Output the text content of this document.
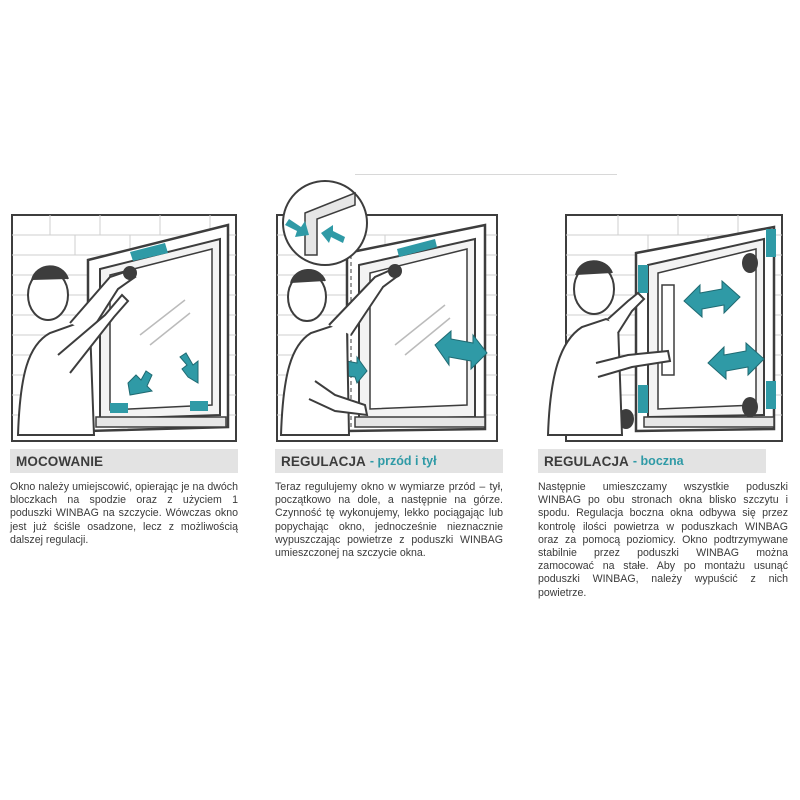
MOCOWANIE
Okno należy umiejscowić, opierając je na dwóch bloczkach na spodzie oraz z użyciem 1 poduszki WINBAG na szczycie. Wówczas okno jest już ściśle osadzone, lecz z możliwością dalszej regulacji.
REGULACJA - przód i tył
Teraz regulujemy okno w wymiarze przód – tył, początkowo na dole, a następnie na górze. Czynność tę wykonujemy, lekko pociągając lub popychając okno, jednocześnie nieznacznie wypuszczając powietrze z poduszki WINBAG umieszczonej na szczycie okna.
REGULACJA - boczna
Następnie umieszczamy wszystkie poduszki WINBAG po obu stronach okna blisko szczytu i spodu. Regulacja boczna okna odbywa się przez kontrolę ilości powietrza w poduszkach WINBAG oraz za pomocą poziomicy. Okno podtrzymywane stabilnie przez poduszki WINBAG można zamocować na stałe. Aby po montażu usunąć poduszki WINBAG, należy wypuścić z nich powietrze.
